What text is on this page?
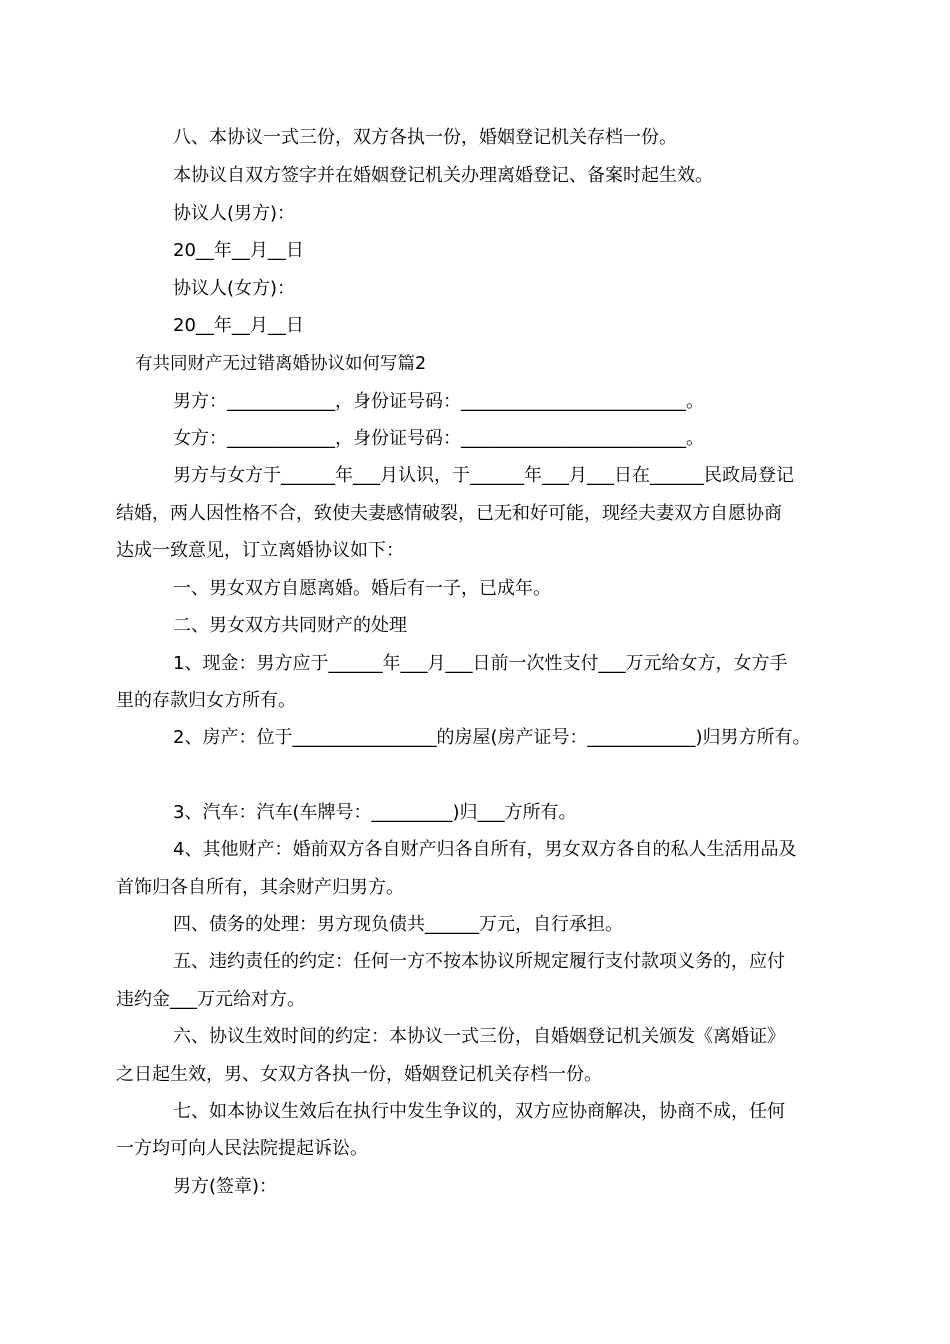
八、本协议一式三份，双方各执一份，婚姻登记机关存档一份。
本协议自双方签字并在婚姻登记机关办理离婚登记、备案时起生效。
协议人(男方)：
20__年__月__日
协议人(女方)：
20__年__月__日
有共同财产无过错离婚协议如何写篇2
男方：____________，身份证号码：_________________________。
女方：____________，身份证号码：_________________________。
男方与女方于______年___月认识，于______年___月___日在______民政局登记
结婚，两人因性格不合，致使夫妻感情破裂，已无和好可能，现经夫妻双方自愿协商
达成一致意见，订立离婚协议如下：
一、男女双方自愿离婚。婚后有一子，已成年。
二、男女双方共同财产的处理
1、现金：男方应于______年___月___日前一次性支付___万元给女方，女方手
里的存款归女方所有。
2、房产：位于________________的房屋(房产证号：____________)归男方所有。
3、汽车：汽车(车牌号：_________)归___方所有。
4、其他财产：婚前双方各自财产归各自所有，男女双方各自的私人生活用品及
首饰归各自所有，其余财产归男方。
四、债务的处理：男方现负债共______万元，自行承担。
五、违约责任的约定：任何一方不按本协议所规定履行支付款项义务的，应付
违约金___万元给对方。
六、协议生效时间的约定：本协议一式三份，自婚姻登记机关颁发《离婚证》
之日起生效，男、女双方各执一份，婚姻登记机关存档一份。
七、如本协议生效后在执行中发生争议的，双方应协商解决，协商不成，任何
一方均可向人民法院提起诉讼。
男方(签章)：
